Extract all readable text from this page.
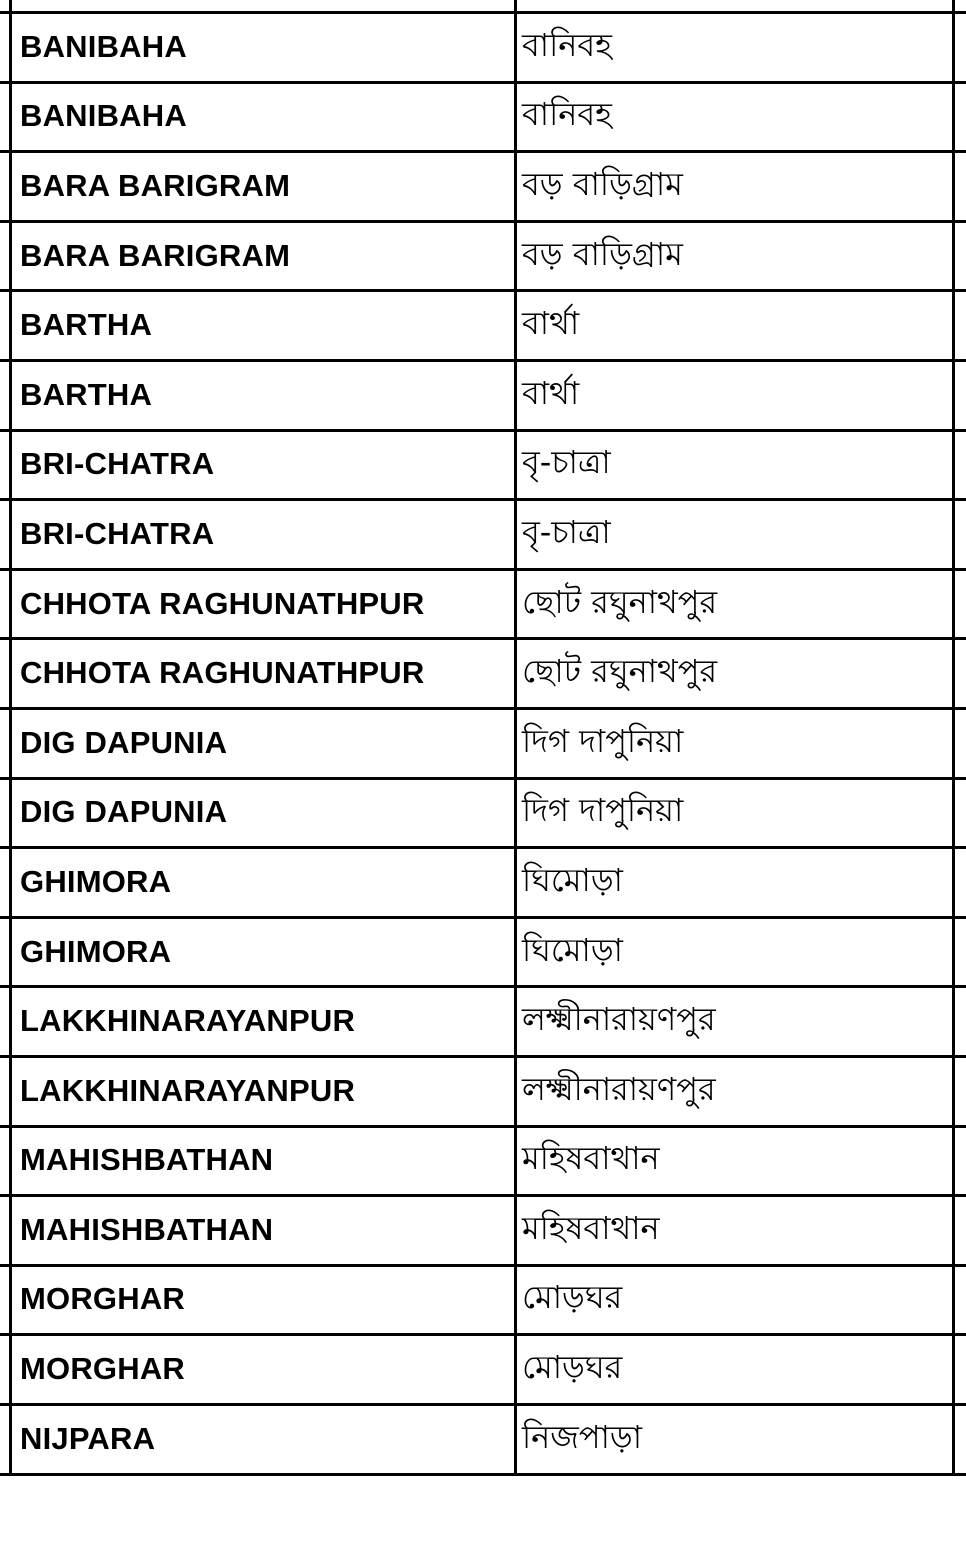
BANIBAHA	বানিবহ
BANIBAHA	বানিবহ
BARA BARIGRAM	বড় বাড়িগ্রাম
BARA BARIGRAM	বড় বাড়িগ্রাম
BARTHA	বার্থা
BARTHA	বার্থা
BRI-CHATRA	বৃ-চাত্রা
BRI-CHATRA	বৃ-চাত্রা
CHHOTA RAGHUNATHPUR	ছোট রঘুনাথপুর
CHHOTA RAGHUNATHPUR	ছোট রঘুনাথপুর
DIG DAPUNIA	দিগ দাপুনিয়া
DIG DAPUNIA	দিগ দাপুনিয়া
GHIMORA	ঘিমোড়া
GHIMORA	ঘিমোড়া
LAKKHINARAYANPUR	লক্ষ্মীনারায়ণপুর
LAKKHINARAYANPUR	লক্ষ্মীনারায়ণপুর
MAHISHBATHAN	মহিষবাথান
MAHISHBATHAN	মহিষবাথান
MORGHAR	মোড়ঘর
MORGHAR	মোড়ঘর
NIJPARA	নিজপাড়া
